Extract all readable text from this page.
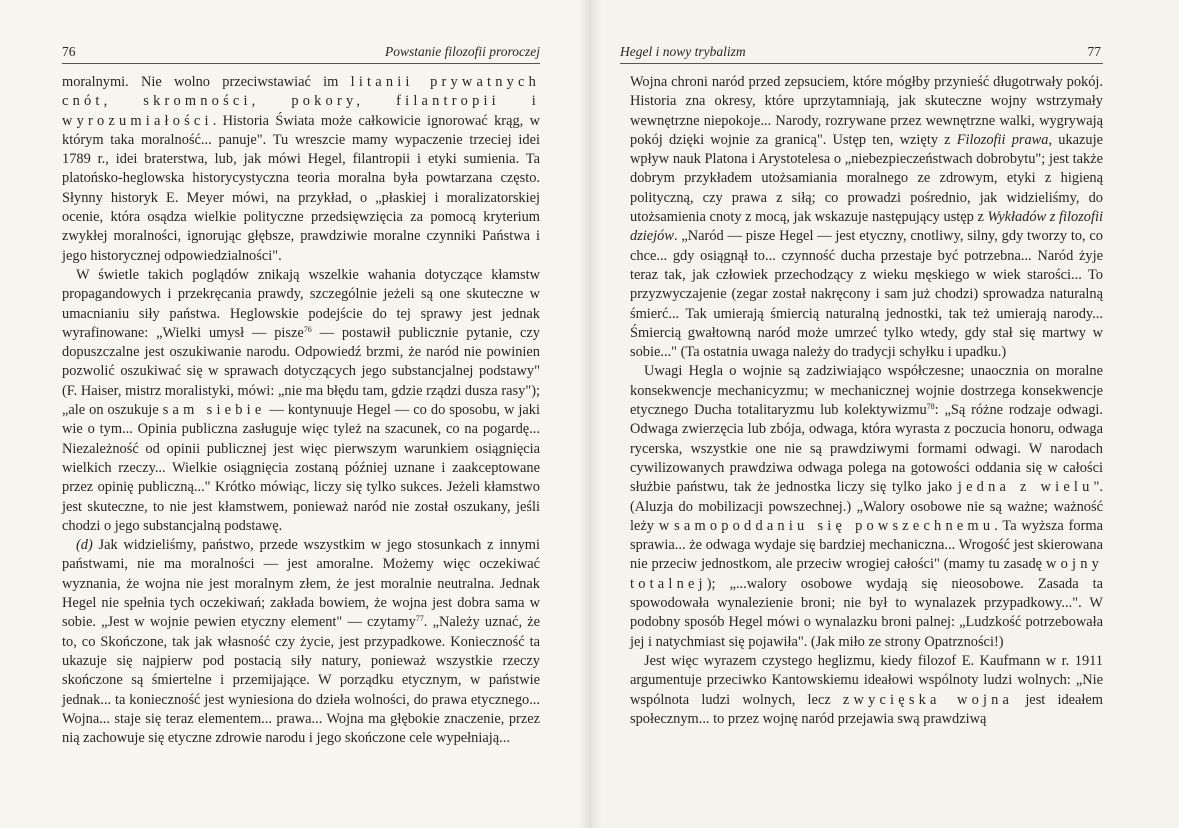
76	Powstanie filozofii proroczej

moralnymi. Nie wolno przeciwstawiać im litanii prywatnych cnót, skromności, pokory, filantropii i wyrozumiałości. Historia Świata może całkowicie ignorować krąg, w którym taka moralność... panuje". Tu wreszcie mamy wypaczenie trzeciej idei 1789 r., idei braterstwa, lub, jak mówi Hegel, filantropii i etyki sumienia. Ta platońsko-heglowska historycystyczna teoria moralna była powtarzana często. Słynny historyk E. Meyer mówi, na przykład, o „płaskiej i moralizatorskiej ocenie, która osądza wielkie polityczne przedsięwzięcia za pomocą kryterium zwykłej moralności, ignorując głębsze, prawdziwie moralne czynniki Państwa i jego historycznej odpowiedzialności".

W świetle takich poglądów znikają wszelkie wahania dotyczące kłamstw propagandowych i przekręcania prawdy, szczególnie jeżeli są one skuteczne w umacnianiu siły państwa. Heglowskie podejście do tej sprawy jest jednak wyrafinowane: „Wielki umysł — pisze$^{76}$ — postawił publicznie pytanie, czy dopuszczalne jest oszukiwanie narodu. Odpowiedź brzmi, że naród nie powinien pozwolić oszukiwać się w sprawach dotyczących jego substancjalnej podstawy" (F. Haiser, mistrz moralistyki, mówi: „nie ma błędu tam, gdzie rządzi dusza rasy"); „ale on oszukuje sam siebie — kontynuuje Hegel — co do sposobu, w jaki wie o tym... Opinia publiczna zasługuje więc tyleż na szacunek, co na pogardę... Niezależność od opinii publicznej jest więc pierwszym warunkiem osiągnięcia wielkich rzeczy... Wielkie osiągnięcia zostaną później uznane i zaakceptowane przez opinię publiczną..." Krótko mówiąc, liczy się tylko sukces. Jeżeli kłamstwo jest skuteczne, to nie jest kłamstwem, ponieważ naród nie został oszukany, jeśli chodzi o jego substancjalną podstawę.

(d) Jak widzieliśmy, państwo, przede wszystkim w jego stosunkach z innymi państwami, nie ma moralności — jest amoralne. Możemy więc oczekiwać wyznania, że wojna nie jest moralnym złem, że jest moralnie neutralna. Jednak Hegel nie spełnia tych oczekiwań; zakłada bowiem, że wojna jest dobra sama w sobie. „Jest w wojnie pewien etyczny element" — czytamy$^{77}$. „Należy uznać, że to, co Skończone, tak jak własność czy życie, jest przypadkowe. Konieczność ta ukazuje się najpierw pod postacią siły natury, ponieważ wszystkie rzeczy skończone są śmiertelne i przemijające. W porządku etycznym, w państwie jednak... ta konieczność jest wyniesiona do dzieła wolności, do prawa etycznego... Wojna... staje się teraz elementem... prawa... Wojna ma głębokie znaczenie, przez nią zachowuje się etyczne zdrowie narodu i jego skończone cele wypełniają...

Hegel i nowy trybalizm	77

Wojna chroni naród przed zepsuciem, które mógłby przynieść długotrwały pokój. Historia zna okresy, które uprzytamniają, jak skuteczne wojny wstrzymały wewnętrzne niepokoje... Narody, rozrywane przez wewnętrzne walki, wygrywają pokój dzięki wojnie za granicą". Ustęp ten, wzięty z Filozofii prawa, ukazuje wpływ nauk Platona i Arystotelesa o „niebezpieczeństwach dobrobytu"; jest także dobrym przykładem utożsamiania moralnego ze zdrowym, etyki z higieną polityczną, czy prawa z siłą; co prowadzi pośrednio, jak widzieliśmy, do utożsamienia cnoty z mocą, jak wskazuje następujący ustęp z Wykładów z filozofii dziejów. „Naród — pisze Hegel — jest etyczny, cnotliwy, silny, gdy tworzy to, co chce... gdy osiągnął to... czynność ducha przestaje być potrzebna... Naród żyje teraz tak, jak człowiek przechodzący z wieku męskiego w wiek starości... To przyzwyczajenie (zegar został nakręcony i sam już chodzi) sprowadza naturalną śmierć... Tak umierają śmiercią naturalną jednostki, tak też umierają narody... Śmiercią gwałtowną naród może umrzeć tylko wtedy, gdy stał się martwy w sobie..." (Ta ostatnia uwaga należy do tradycji schyłku i upadku.)

Uwagi Hegla o wojnie są zadziwiająco współczesne; unaocznia on moralne konsekwencje mechanicyzmu; w mechanicznej wojnie dostrzega konsekwencje etycznego Ducha totalitaryzmu lub kolektywizmu$^{78}$: „Są różne rodzaje odwagi. Odwaga zwierzęcia lub zbója, odwaga, która wyrasta z poczucia honoru, odwaga rycerska, wszystkie one nie są prawdziwymi formami odwagi. W narodach cywilizowanych prawdziwa odwaga polega na gotowości oddania się w całości służbie państwu, tak że jednostka liczy się tylko jako jedna z wielu". (Aluzja do mobilizacji powszechnej.) „Walory osobowe nie są ważne; ważność leży w samopoddaniu się powszechnemu. Ta wyższa forma sprawia... że odwaga wydaje się bardziej mechaniczna... Wrogość jest skierowana nie przeciw jednostkom, ale przeciw wrogiej całości" (mamy tu zasadę wojny totalnej); „...walory osobowe wydają się nieosobowe. Zasada ta spowodowała wynalezienie broni; nie był to wynalazek przypadkowy...". W podobny sposób Hegel mówi o wynalazku broni palnej: „Ludzkość potrzebowała jej i natychmiast się pojawiła". (Jak miło ze strony Opatrzności!)

Jest więc wyrazem czystego heglizmu, kiedy filozof E. Kaufmann w r. 1911 argumentuje przeciwko Kantowskiemu ideałowi wspólnoty ludzi wolnych: „Nie wspólnota ludzi wolnych, lecz zwycięska wojna jest ideałem społecznym... to przez wojnę naród przejawia swą prawdziwą
